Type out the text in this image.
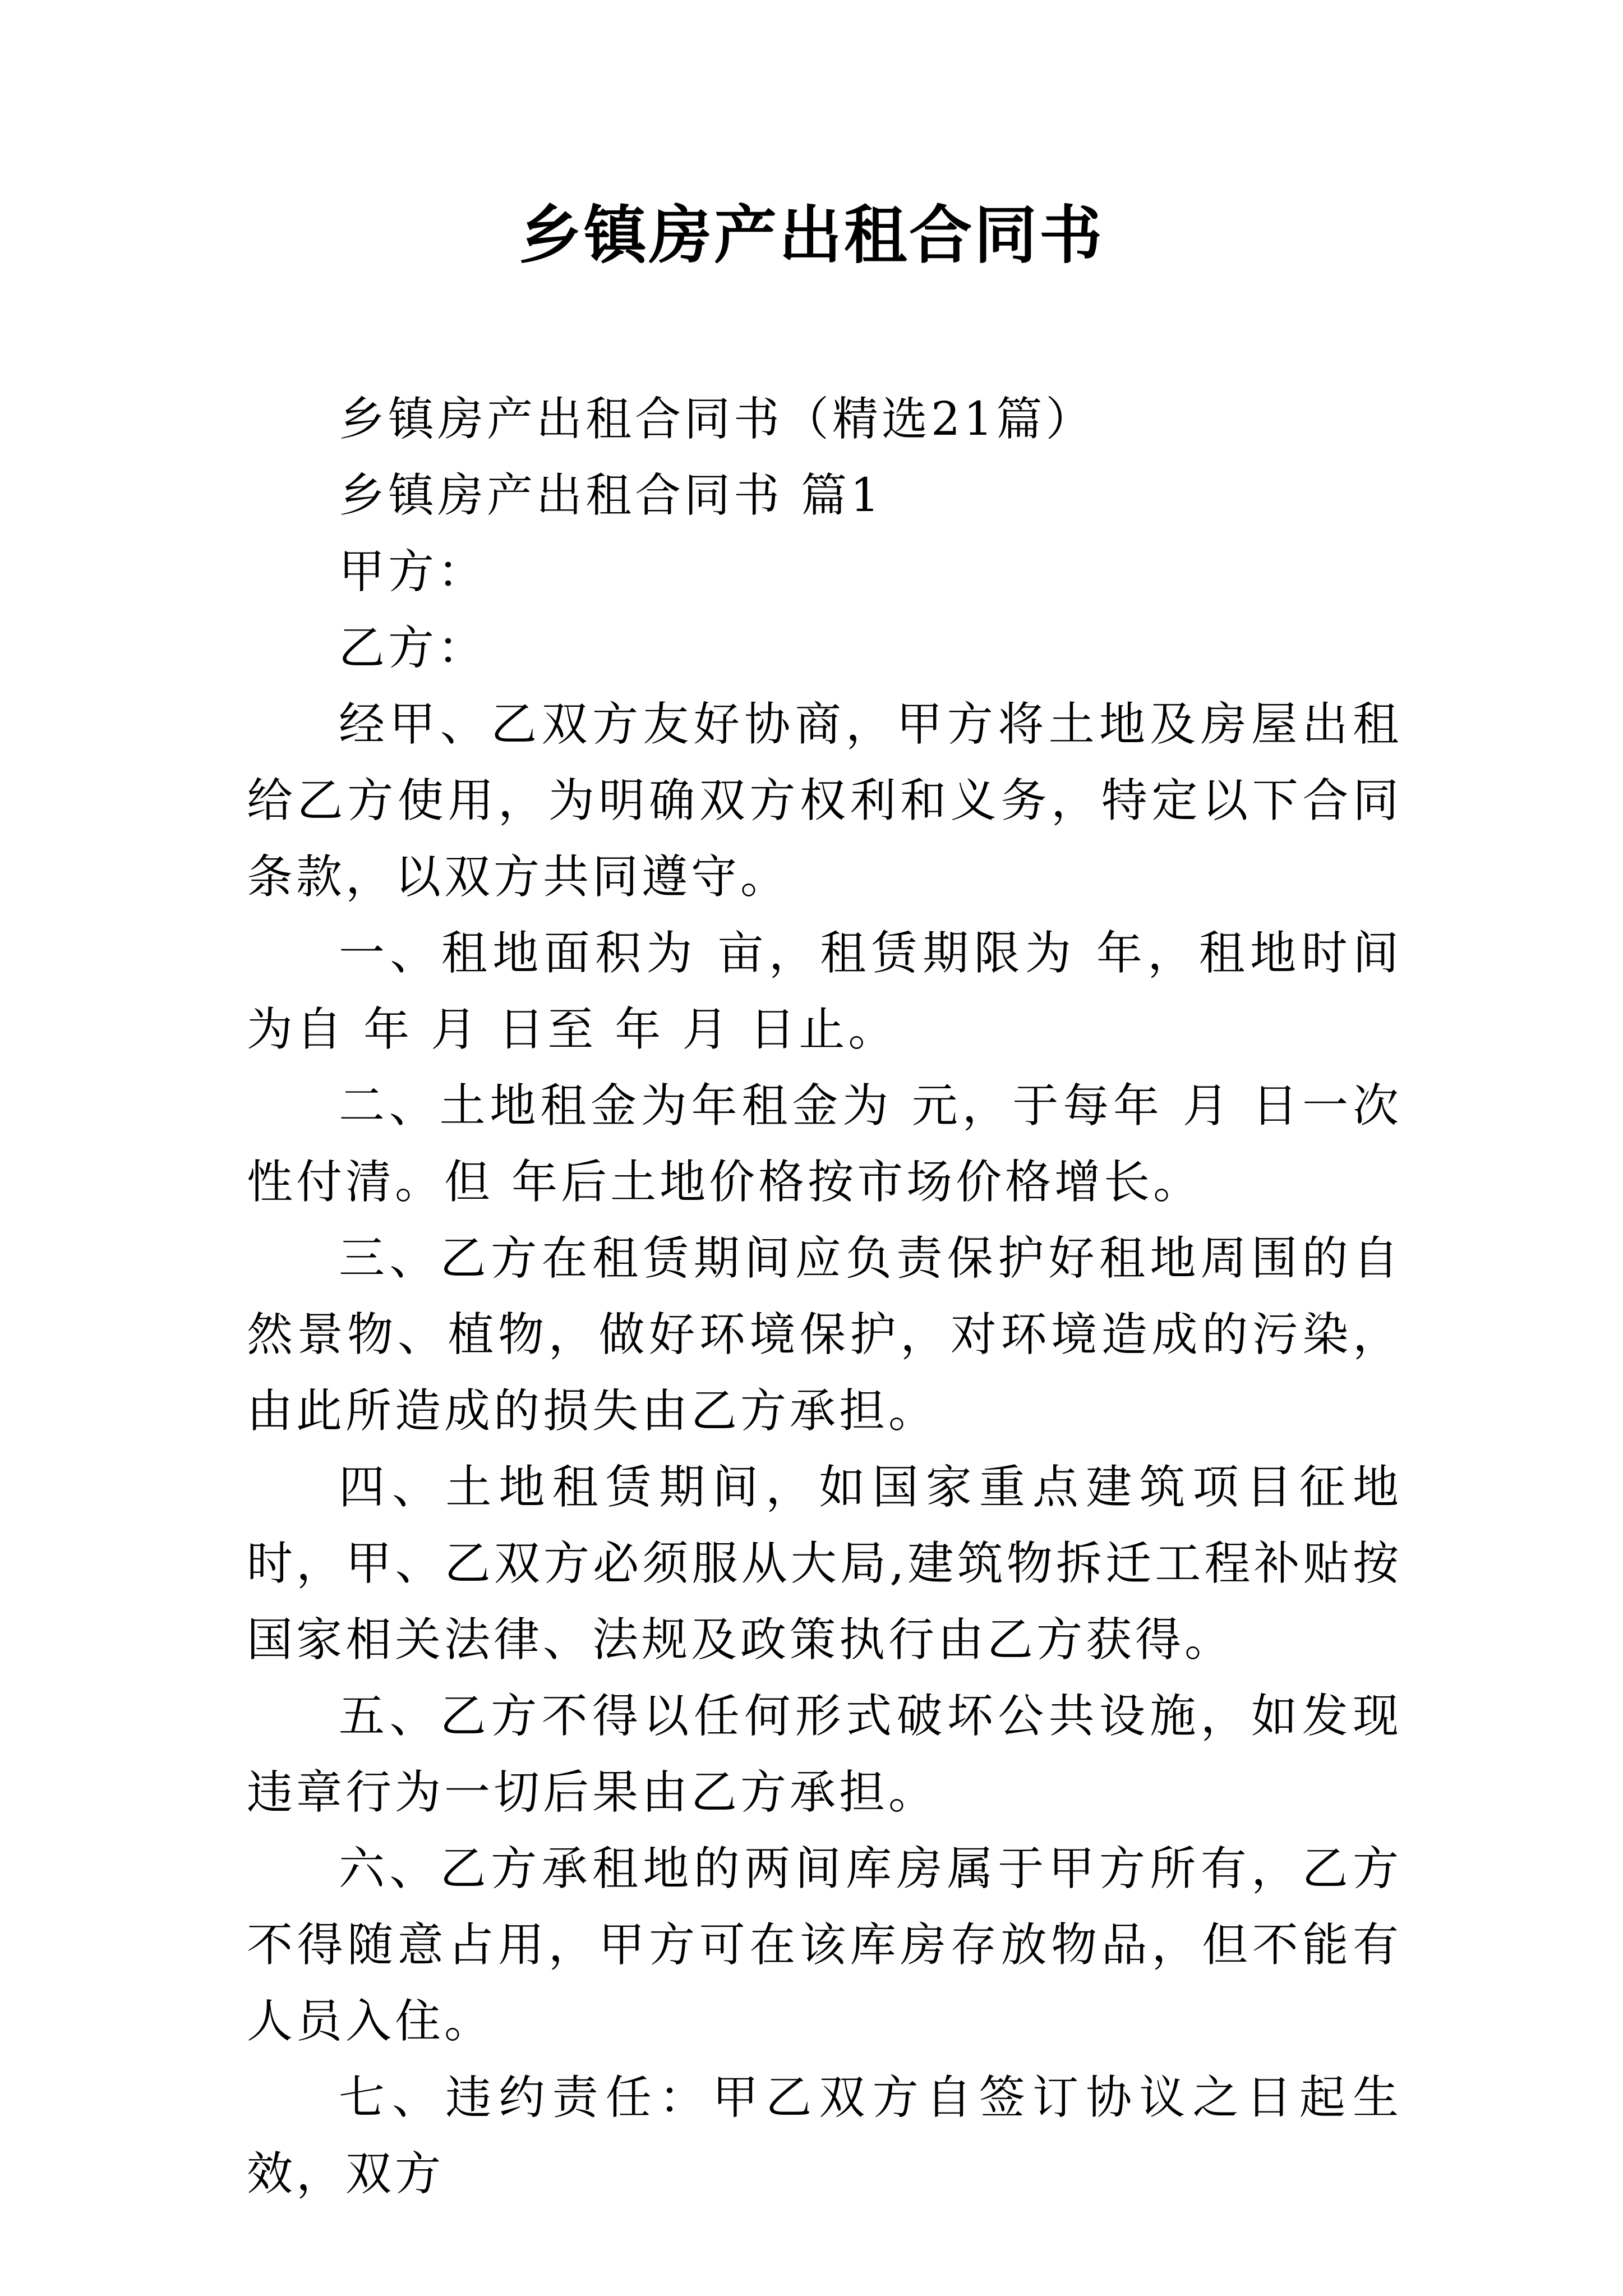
乡镇房产出租合同书

乡镇房产出租合同书（精选21篇）

乡镇房产出租合同书 篇1

甲方：

乙方：

经甲、乙双方友好协商，甲方将土地及房屋出租给乙方使用，为明确双方权利和义务，特定以下合同条款，以双方共同遵守。

一、租地面积为 亩，租赁期限为 年，租地时间为自 年 月 日至 年 月 日止。

二、土地租金为年租金为 元，于每年 月 日一次性付清。但 年后土地价格按市场价格增长。

三、乙方在租赁期间应负责保护好租地周围的自然景物、植物，做好环境保护，对环境造成的污染，由此所造成的损失由乙方承担。

四、土地租赁期间，如国家重点建筑项目征地时，甲、乙双方必须服从大局,建筑物拆迁工程补贴按国家相关法律、法规及政策执行由乙方获得。

五、乙方不得以任何形式破坏公共设施，如发现违章行为一切后果由乙方承担。

六、乙方承租地的两间库房属于甲方所有，乙方不得随意占用，甲方可在该库房存放物品，但不能有人员入住。

七、违约责任：甲乙双方自签订协议之日起生效，双方
